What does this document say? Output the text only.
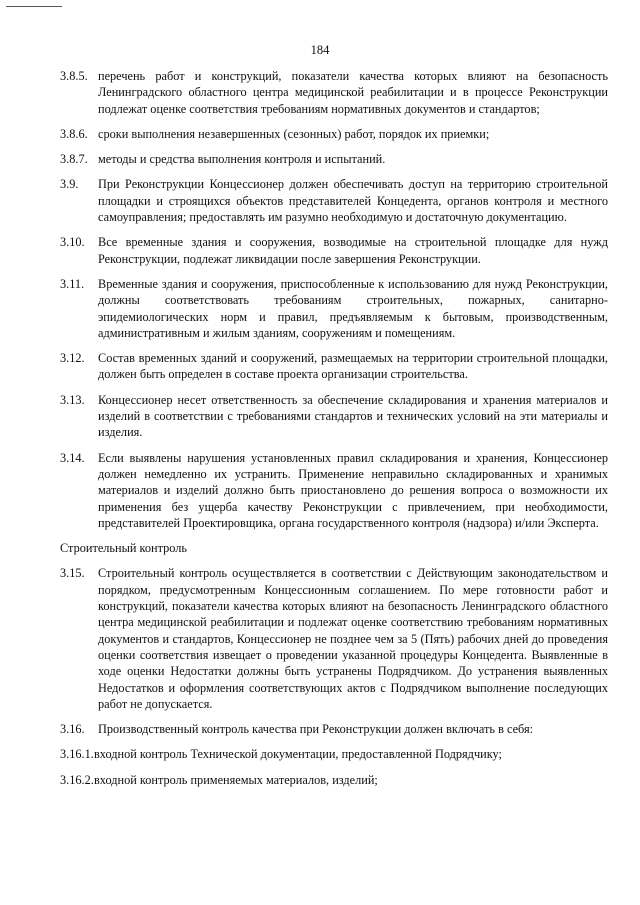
184
3.8.5. перечень работ и конструкций, показатели качества которых влияют на безопасность Ленинградского областного центра медицинской реабилитации и в процессе Реконструкции подлежат оценке соответствия требованиям нормативных документов и стандартов;
3.8.6. сроки выполнения незавершенных (сезонных) работ, порядок их приемки;
3.8.7. методы и средства выполнения контроля и испытаний.
3.9.	При Реконструкции Концессионер должен обеспечивать доступ на территорию строительной площадки и строящихся объектов представителей Концедента, органов контроля и местного самоуправления; предоставлять им разумно необходимую и достаточную документацию.
3.10.	Все временные здания и сооружения, возводимые на строительной площадке для нужд Реконструкции, подлежат ликвидации после завершения Реконструкции.
3.11.	Временные здания и сооружения, приспособленные к использованию для нужд Реконструкции, должны соответствовать требованиям строительных, пожарных, санитарно-эпидемиологических норм и правил, предъявляемым к бытовым, производственным, административным и жилым зданиям, сооружениям и помещениям.
3.12.	Состав временных зданий и сооружений, размещаемых на территории строительной площадки, должен быть определен в составе проекта организации строительства.
3.13.	Концессионер несет ответственность за обеспечение складирования и хранения материалов и изделий в соответствии с требованиями стандартов и технических условий на эти материалы и изделия.
3.14.	Если выявлены нарушения установленных правил складирования и хранения, Концессионер должен немедленно их устранить. Применение неправильно складированных и хранимых материалов и изделий должно быть приостановлено до решения вопроса о возможности их применения без ущерба качеству Реконструкции с привлечением, при необходимости, представителей Проектировщика, органа государственного контроля (надзора) и/или Эксперта.
Строительный контроль
3.15.	Строительный контроль осуществляется в соответствии с Действующим законодательством и порядком, предусмотренным Концессионным соглашением. По мере готовности работ и конструкций, показатели качества которых влияют на безопасность Ленинградского областного центра медицинской реабилитации и подлежат оценке соответствию требованиям нормативных документов и стандартов, Концессионер не позднее чем за 5 (Пять) рабочих дней до проведения оценки соответствия извещает о проведении указанной процедуры Концедента. Выявленные в ходе оценки Недостатки должны быть устранены Подрядчиком. До устранения выявленных Недостатков и оформления соответствующих актов с Подрядчиком выполнение последующих работ не допускается.
3.16.	Производственный контроль качества при Реконструкции должен включать в себя:
3.16.1. входной контроль Технической документации, предоставленной Подрядчику;
3.16.2. входной контроль применяемых материалов, изделий;
